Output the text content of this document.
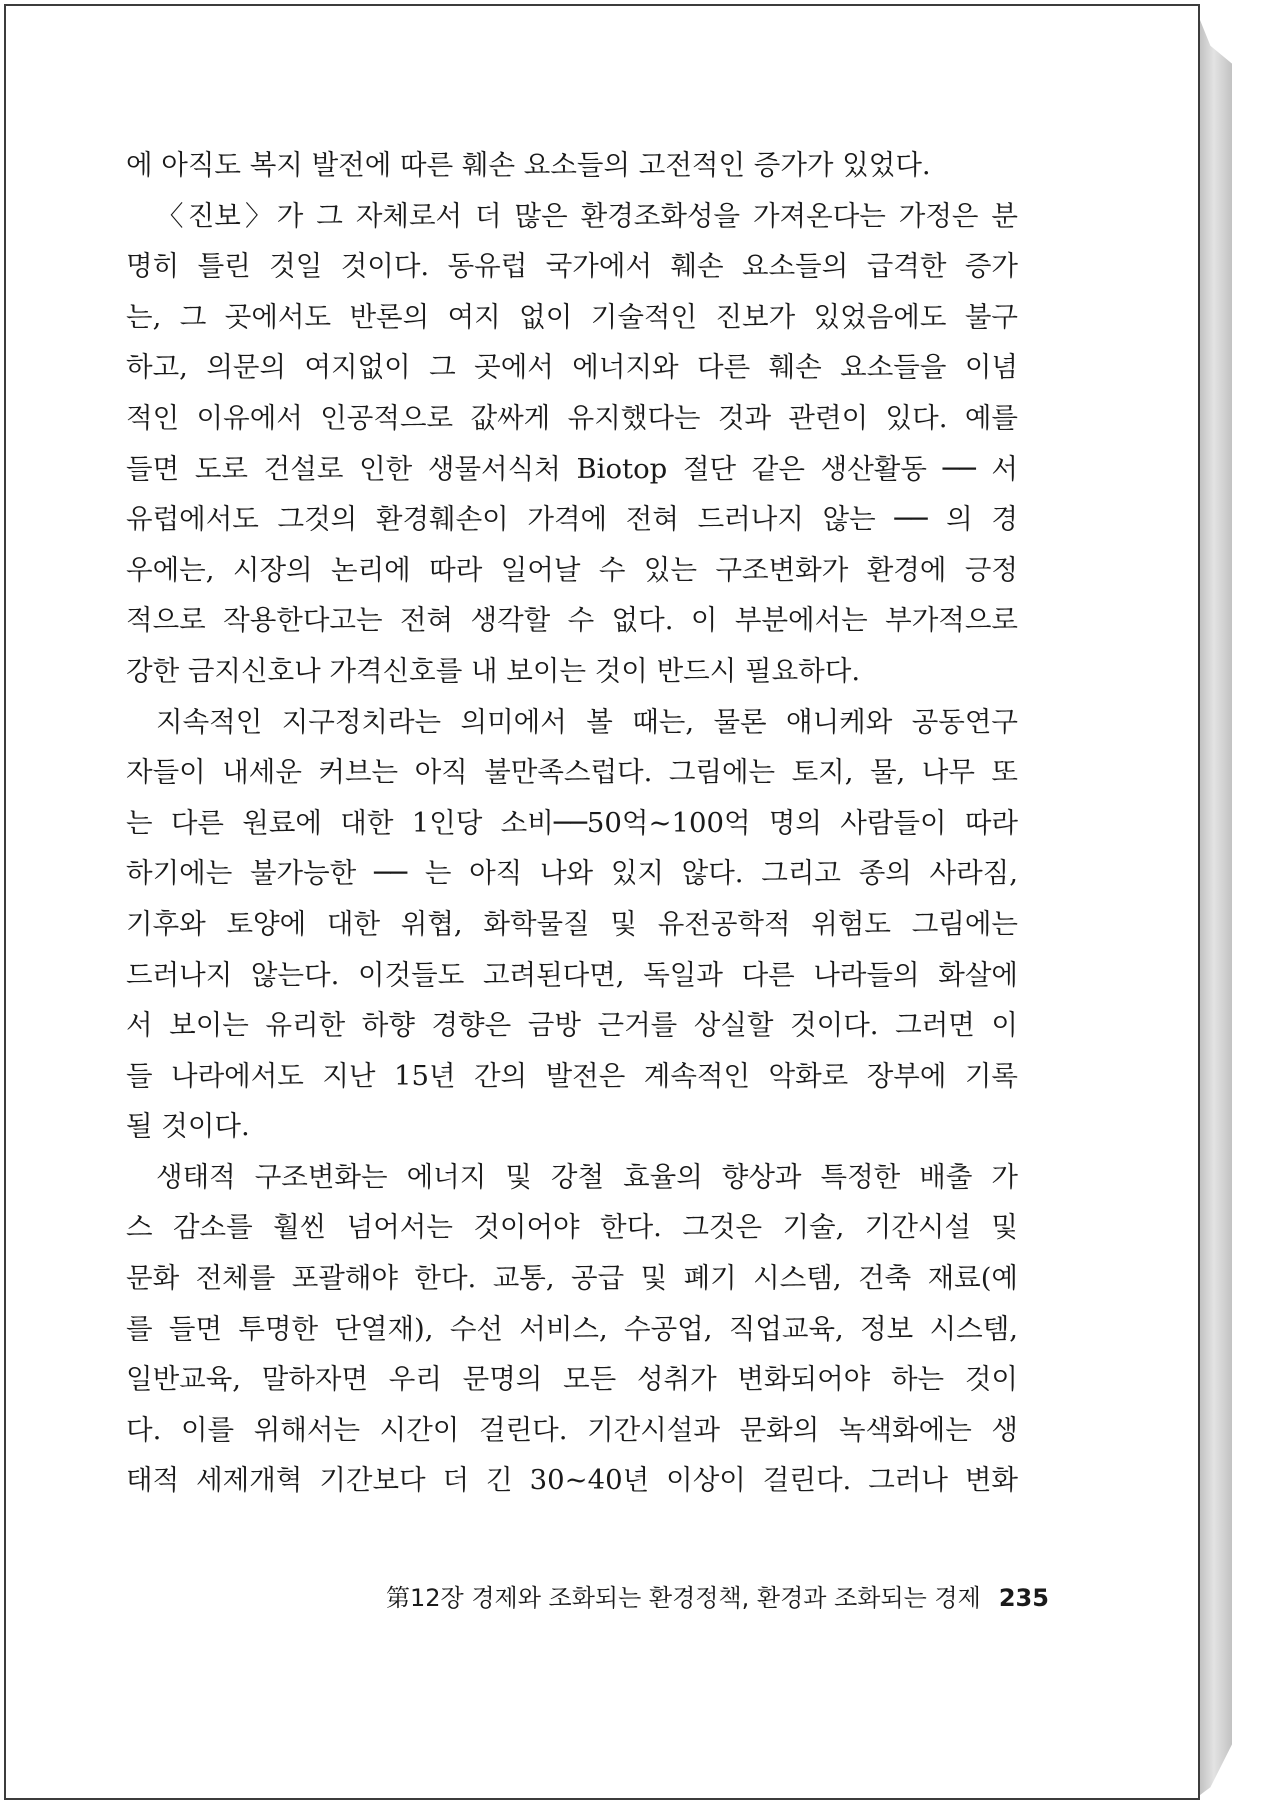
에 아직도 복지 발전에 따른 훼손 요소들의 고전적인 증가가 있었다.
〈진보〉가 그 자체로서 더 많은 환경조화성을 가져온다는 가정은 분
명히 틀린 것일 것이다. 동유럽 국가에서 훼손 요소들의 급격한 증가
는, 그 곳에서도 반론의 여지 없이 기술적인 진보가 있었음에도 불구
하고, 의문의 여지없이 그 곳에서 에너지와 다른 훼손 요소들을 이념
적인 이유에서 인공적으로 값싸게 유지했다는 것과 관련이 있다. 예를
들면 도로 건설로 인한 생물서식처 Biotop 절단 같은 생산활동 ── 서
유럽에서도 그것의 환경훼손이 가격에 전혀 드러나지 않는 ── 의 경
우에는, 시장의 논리에 따라 일어날 수 있는 구조변화가 환경에 긍정
적으로 작용한다고는 전혀 생각할 수 없다. 이 부분에서는 부가적으로
강한 금지신호나 가격신호를 내 보이는 것이 반드시 필요하다.
지속적인 지구정치라는 의미에서 볼 때는, 물론 얘니케와 공동연구
자들이 내세운 커브는 아직 불만족스럽다. 그림에는 토지, 물, 나무 또
는 다른 원료에 대한 1인당 소비──50억~100억 명의 사람들이 따라
하기에는 불가능한 ── 는 아직 나와 있지 않다. 그리고 종의 사라짐,
기후와 토양에 대한 위협, 화학물질 및 유전공학적 위험도 그림에는
드러나지 않는다. 이것들도 고려된다면, 독일과 다른 나라들의 화살에
서 보이는 유리한 하향 경향은 금방 근거를 상실할 것이다. 그러면 이
들 나라에서도 지난 15년 간의 발전은 계속적인 악화로 장부에 기록
될 것이다.
생태적 구조변화는 에너지 및 강철 효율의 향상과 특정한 배출 가
스 감소를 훨씬 넘어서는 것이어야 한다. 그것은 기술, 기간시설 및
문화 전체를 포괄해야 한다. 교통, 공급 및 폐기 시스템, 건축 재료(예
를 들면 투명한 단열재), 수선 서비스, 수공업, 직업교육, 정보 시스템,
일반교육, 말하자면 우리 문명의 모든 성취가 변화되어야 하는 것이
다. 이를 위해서는 시간이 걸린다. 기간시설과 문화의 녹색화에는 생
태적 세제개혁 기간보다 더 긴 30~40년 이상이 걸린다. 그러나 변화
第12장 경제와 조화되는 환경정책, 환경과 조화되는 경제 235
